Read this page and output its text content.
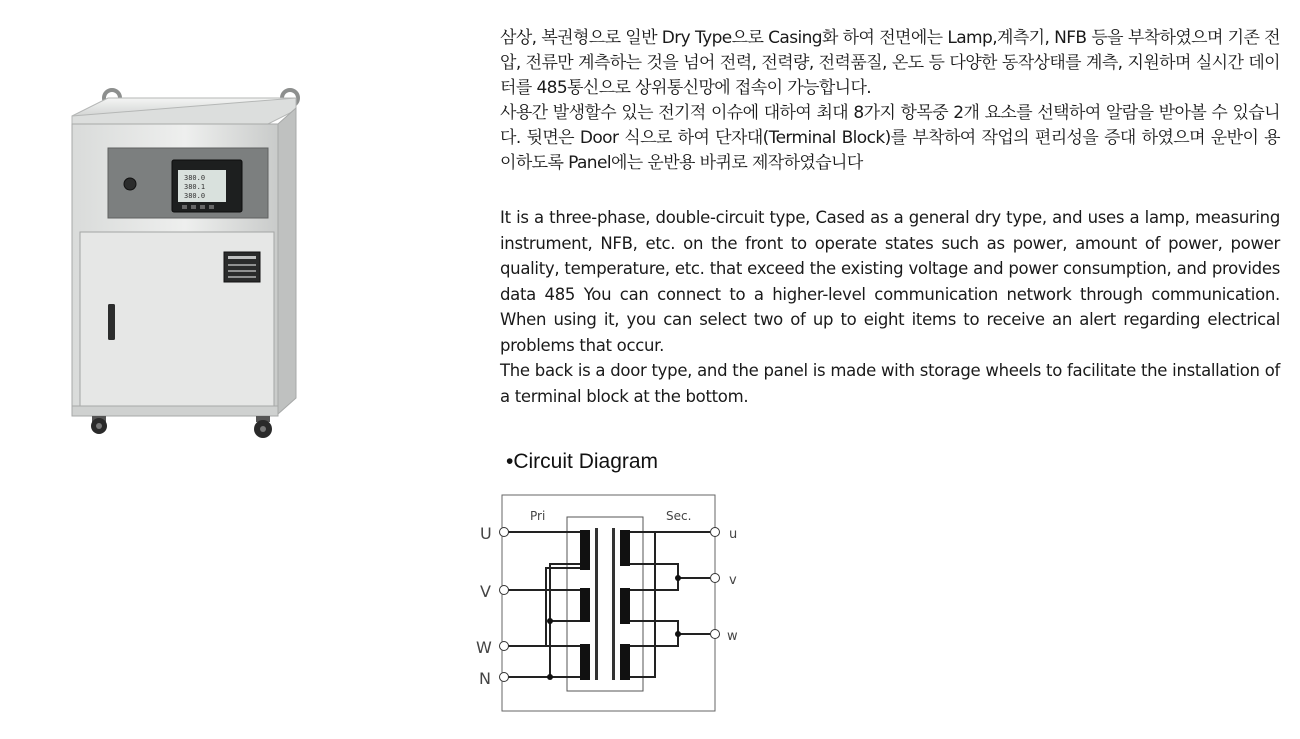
380.0
380.1
380.0
삼상, 복권형으로 일반 Dry Type으로 Casing화 하여 전면에는 Lamp,계측기, NFB 등을 부착하였으며 기존 전압, 전류만 계측하는 것을 넘어 전력, 전력량, 전력품질, 온도 등 다양한 동작상태를 계측, 지원하며 실시간 데이터를 485통신으로 상위통신망에 접속이 가능합니다.
사용간 발생할수 있는 전기적 이슈에 대하여 최대 8가지 항목중 2개 요소를 선택하여 알람을 받아볼 수 있습니다. 뒷면은 Door 식으로 하여 단자대(Terminal Block)를 부착하여 작업의 편리성을 증대 하였으며 운반이 용이하도록 Panel에는 운반용 바퀴로 제작하였습니다
It is a three-phase, double-circuit type, Cased as a general dry type, and uses a lamp, measuring instrument, NFB, etc. on the front to operate states such as power, amount of power, power quality, temperature, etc. that exceed the existing voltage and power consumption, and provides data 485 You can connect to a higher-level communication network through communication. When using it, you can select two of up to eight items to receive an alert regarding electrical problems that occur.
The back is a door type, and the panel is made with storage wheels to facilitate the installation of a terminal block at the bottom.
•Circuit Diagram
Pri	Sec.
U
V
W
N
u
v
w
